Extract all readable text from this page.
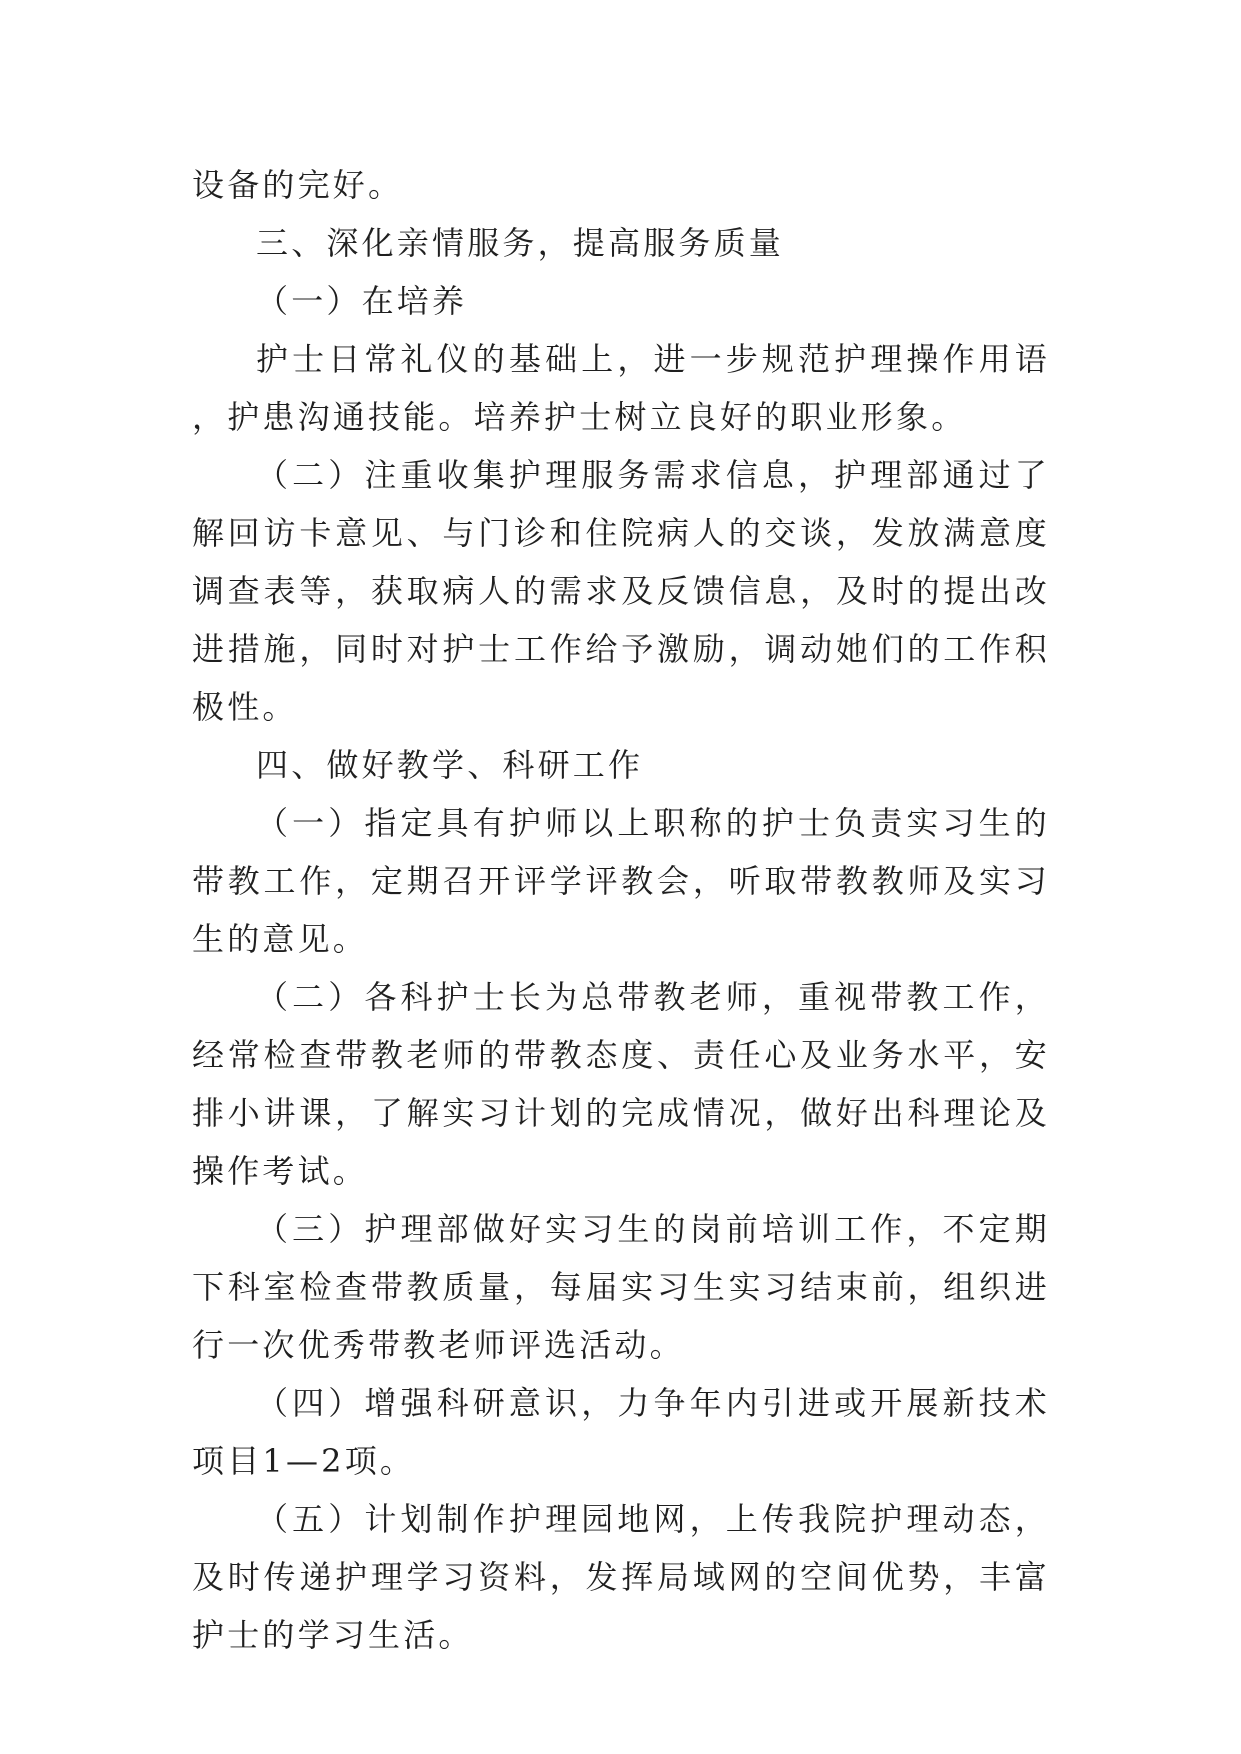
设备的完好。

三、深化亲情服务，提高服务质量

（一）在培养

护士日常礼仪的基础上，进一步规范护理操作用语，护患沟通技能。培养护士树立良好的职业形象。

（二）注重收集护理服务需求信息，护理部通过了解回访卡意见、与门诊和住院病人的交谈，发放满意度调查表等，获取病人的需求及反馈信息，及时的提出改进措施，同时对护士工作给予激励，调动她们的工作积极性。

四、做好教学、科研工作

（一）指定具有护师以上职称的护士负责实习生的带教工作，定期召开评学评教会，听取带教教师及实习生的意见。

（二）各科护士长为总带教老师，重视带教工作，经常检查带教老师的带教态度、责任心及业务水平，安排小讲课，了解实习计划的完成情况，做好出科理论及操作考试。

（三）护理部做好实习生的岗前培训工作，不定期下科室检查带教质量，每届实习生实习结束前，组织进行一次优秀带教老师评选活动。

（四）增强科研意识，力争年内引进或开展新技术项目1—2项。

（五）计划制作护理园地网，上传我院护理动态，及时传递护理学习资料，发挥局域网的空间优势，丰富护士的学习生活。
